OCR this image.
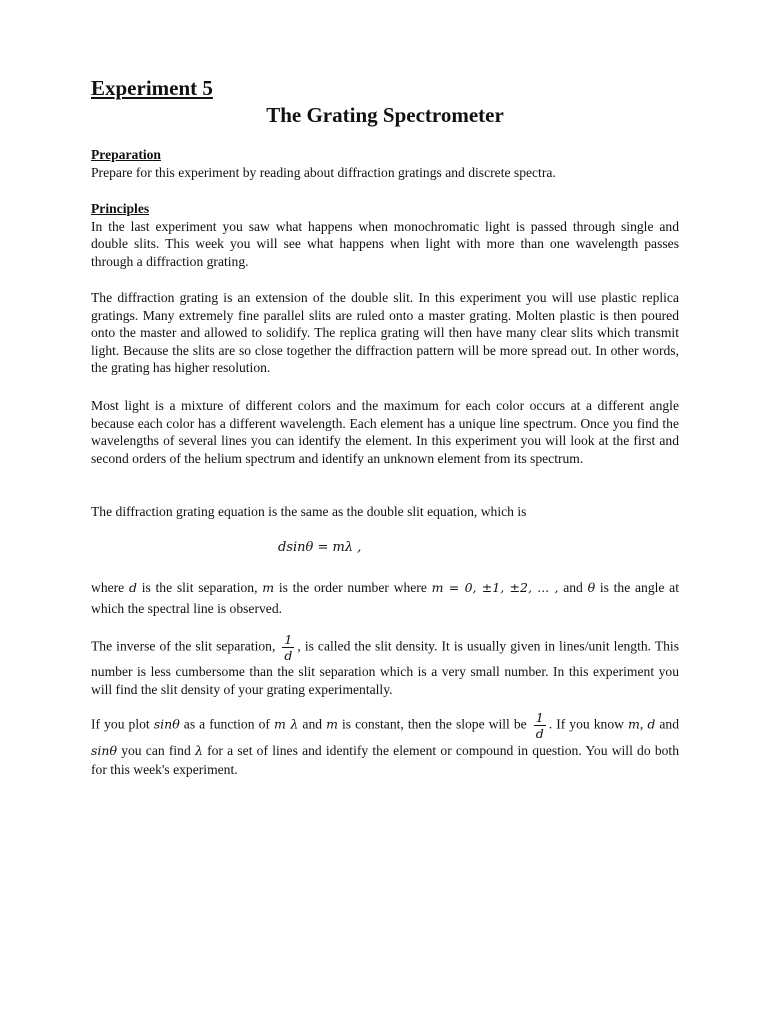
Experiment 5
The Grating Spectrometer
Preparation

Prepare for this experiment by reading about diffraction gratings and discrete spectra.

Principles

In the last experiment you saw what happens when monochromatic light is passed through single and double slits. This week you will see what happens when light with more than one wavelength passes through a diffraction grating.

The diffraction grating is an extension of the double slit. In this experiment you will use plastic replica gratings. Many extremely fine parallel slits are ruled onto a master grating. Molten plastic is then poured onto the master and allowed to solidify. The replica grating will then have many clear slits which transmit light. Because the slits are so close together the diffraction pattern will be more spread out. In other words, the grating has higher resolution.

Most light is a mixture of different colors and the maximum for each color occurs at a different angle because each color has a different wavelength. Each element has a unique line spectrum. Once you find the wavelengths of several lines you can identify the element. In this experiment you will look at the first and second orders of the helium spectrum and identify an unknown element from its spectrum.

The diffraction grating equation is the same as the double slit equation, which is

dsinθ = mλ ,

where d is the slit separation, m is the order number where m = 0, ±1, ±2, ... , and θ is the angle at which the spectral line is observed.

The inverse of the slit separation, $\frac{1}{d}$ , is called the slit density. It is usually given in lines/unit length. This number is less cumbersome than the slit separation which is a very small number. In this experiment you will find the slit density of your grating experimentally.

If you plot sinθ as a function of m λ and m is constant, then the slope will be $\frac{1}{d}$ . If you know m, d and sinθ you can find λ for a set of lines and identify the element or compound in question. You will do both for this week's experiment.
